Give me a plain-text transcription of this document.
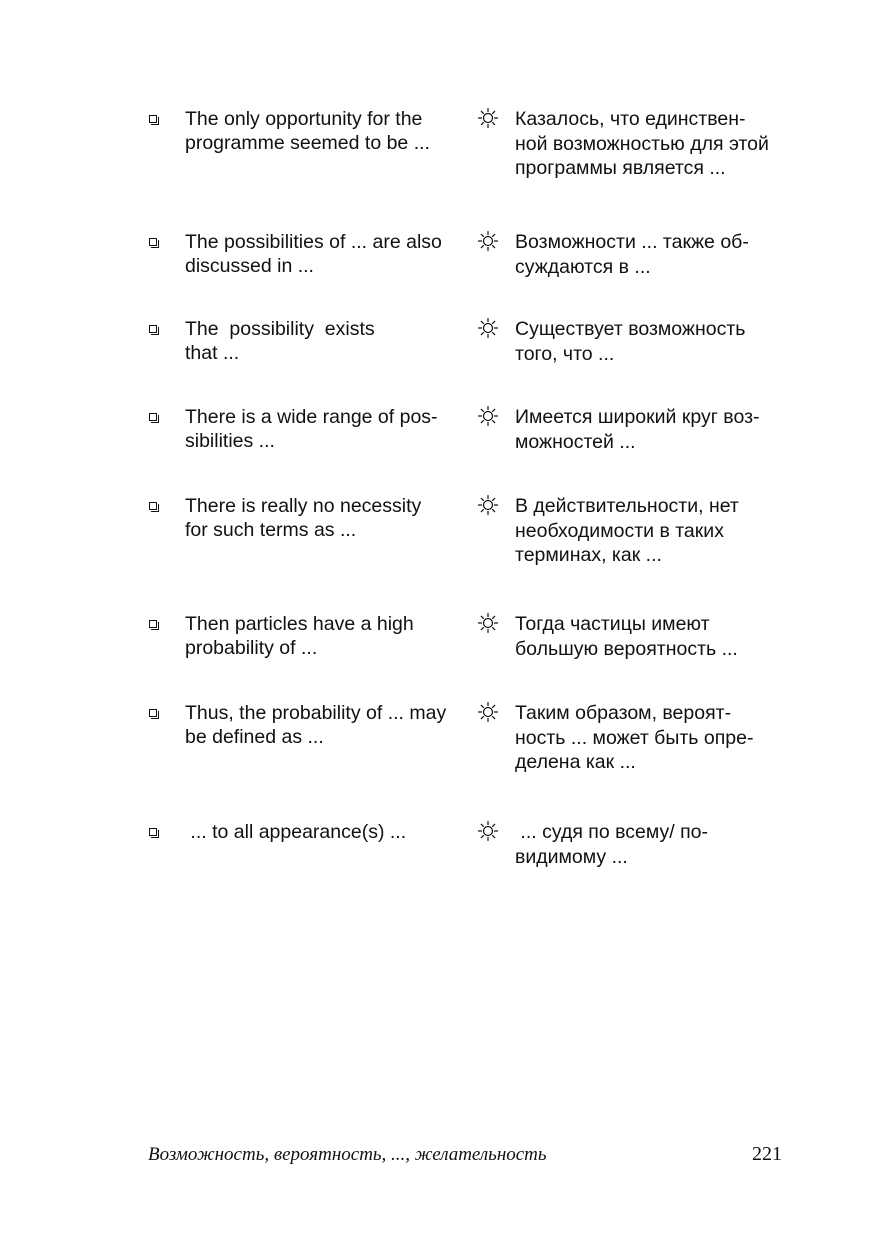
The only opportunity for the
programme seemed to be ...
Казалось, что единствен-
ной возможностью для этой
программы является ...
The possibilities of ... are also
discussed in ...
Возможности ... также об-
суждаются в ...
The  possibility  exists
that ...
Существует возможность
того, что ...
There is a wide range of pos-
sibilities ...
Имеется широкий круг воз-
можностей ...
There is really no necessity
for such terms as ...
В действительности, нет
необходимости в таких
терминах, как ...
Then particles have a high
probability of ...
Тогда частицы имеют
большую вероятность ...
Thus, the probability of ... may
be defined as ...
Таким образом, вероят-
ность ... может быть опре-
делена как ...
... to all appearance(s) ...	... судя по всему/ по-
видимому ...
Возможность, вероятность, ..., желательность	221
